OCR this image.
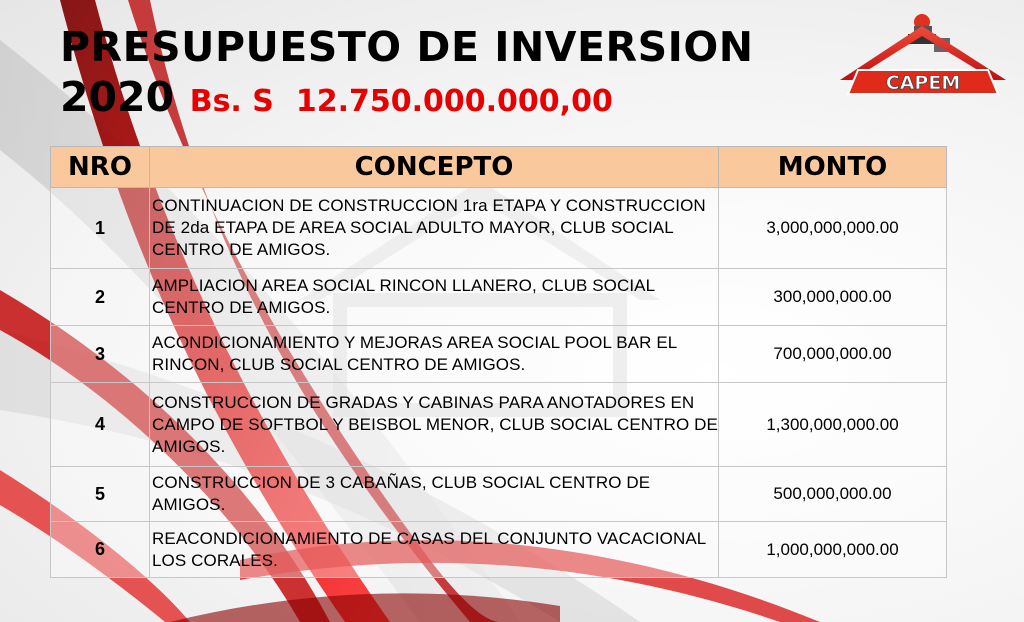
PRESUPUESTO DE INVERSION
2020 Bs. S 12.750.000.000,00
CAPEM
NRO	CONCEPTO	MONTO
1	CONTINUACION DE CONSTRUCCION 1ra ETAPA Y CONSTRUCCION DE 2da ETAPA DE AREA SOCIAL ADULTO MAYOR, CLUB SOCIAL CENTRO DE AMIGOS.	3,000,000,000.00
2	AMPLIACION AREA SOCIAL RINCON LLANERO, CLUB SOCIAL CENTRO DE AMIGOS.	300,000,000.00
3	ACONDICIONAMIENTO Y MEJORAS AREA SOCIAL POOL BAR EL RINCON, CLUB SOCIAL CENTRO DE AMIGOS.	700,000,000.00
4	CONSTRUCCION DE GRADAS Y CABINAS PARA ANOTADORES EN CAMPO DE SOFTBOL Y BEISBOL MENOR, CLUB SOCIAL CENTRO DE AMIGOS.	1,300,000,000.00
5	CONSTRUCCION DE 3 CABAÑAS, CLUB SOCIAL CENTRO DE AMIGOS.	500,000,000.00
6	REACONDICIONAMIENTO DE CASAS DEL CONJUNTO VACACIONAL LOS CORALES.	1,000,000,000.00
